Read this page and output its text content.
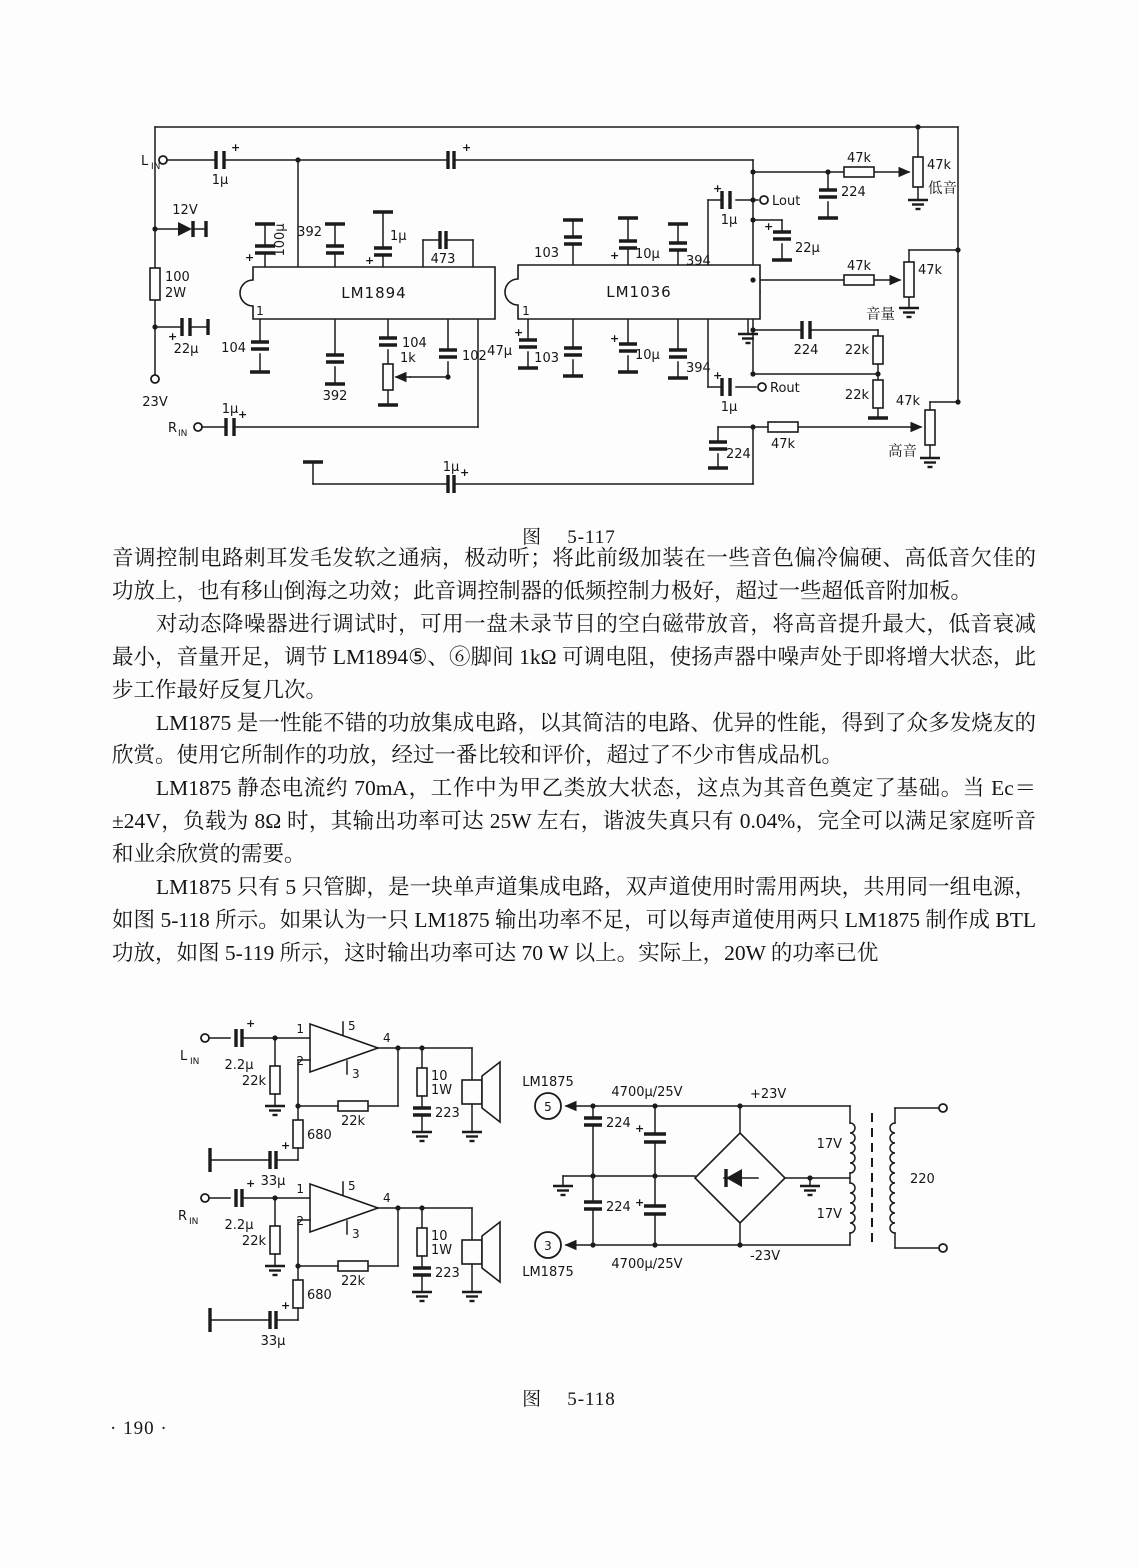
L IN
1μ
+
12V
100
2W
22μ
+
23V
LM1894
1
LM1036
1
100μ
+
392	1μ
+	473
104
392
104
1k	102
R IN
1μ +
1μ +
+
47μ
+
103
103
10μ
+
10μ
+
394
394
Lout
1μ
+
Rout
1μ
+
22μ
+
224
47k	47k
低音
47k	47k
音量
224 22k
22k
224
47k
47k
高音
图 5-117

音调控制电路刺耳发毛发软之通病，极动听；将此前级加装在一些音色偏冷偏硬、高低音欠佳的功放上，也有移山倒海之功效；此音调控制器的低频控制力极好，超过一些超低音附加板。

对动态降噪器进行调试时，可用一盘未录节目的空白磁带放音，将高音提升最大，低音衰减最小，音量开足，调节 LM1894⑤、⑥脚间 1kΩ 可调电阻，使扬声器中噪声处于即将增大状态，此步工作最好反复几次。

LM1875 是一性能不错的功放集成电路，以其简洁的电路、优异的性能，得到了众多发烧友的欣赏。使用它所制作的功放，经过一番比较和评价，超过了不少市售成品机。

LM1875 静态电流约 70mA，工作中为甲乙类放大状态，这点为其音色奠定了基础。当 Ec＝±24V，负载为 8Ω 时，其输出功率可达 25W 左右，谐波失真只有 0.04%，完全可以满足家庭听音和业余欣赏的需要。

LM1875 只有 5 只管脚，是一块单声道集成电路，双声道使用时需用两块，共用同一组电源，如图 5-118 所示。如果认为一只 LM1875 输出功率不足，可以每声道使用两只 LM1875 制作成 BTL 功放，如图 5-119 所示，这时输出功率可达 70 W 以上。实际上，20W 的功率已优

L IN 2.2μ
+
22k
1
2
5
3
4
22k
680
33μ
+
10
1W
223
R IN 2.2μ
+
22k
1
2
5
3
4
22k
680
33μ
+
10
1W
223
LM1875
5
LM1875
3
224
224
4700μ/25V
+
4700μ/25V
+
+23V
-23V
17V
17V
220
图 5-118
· 190 ·
